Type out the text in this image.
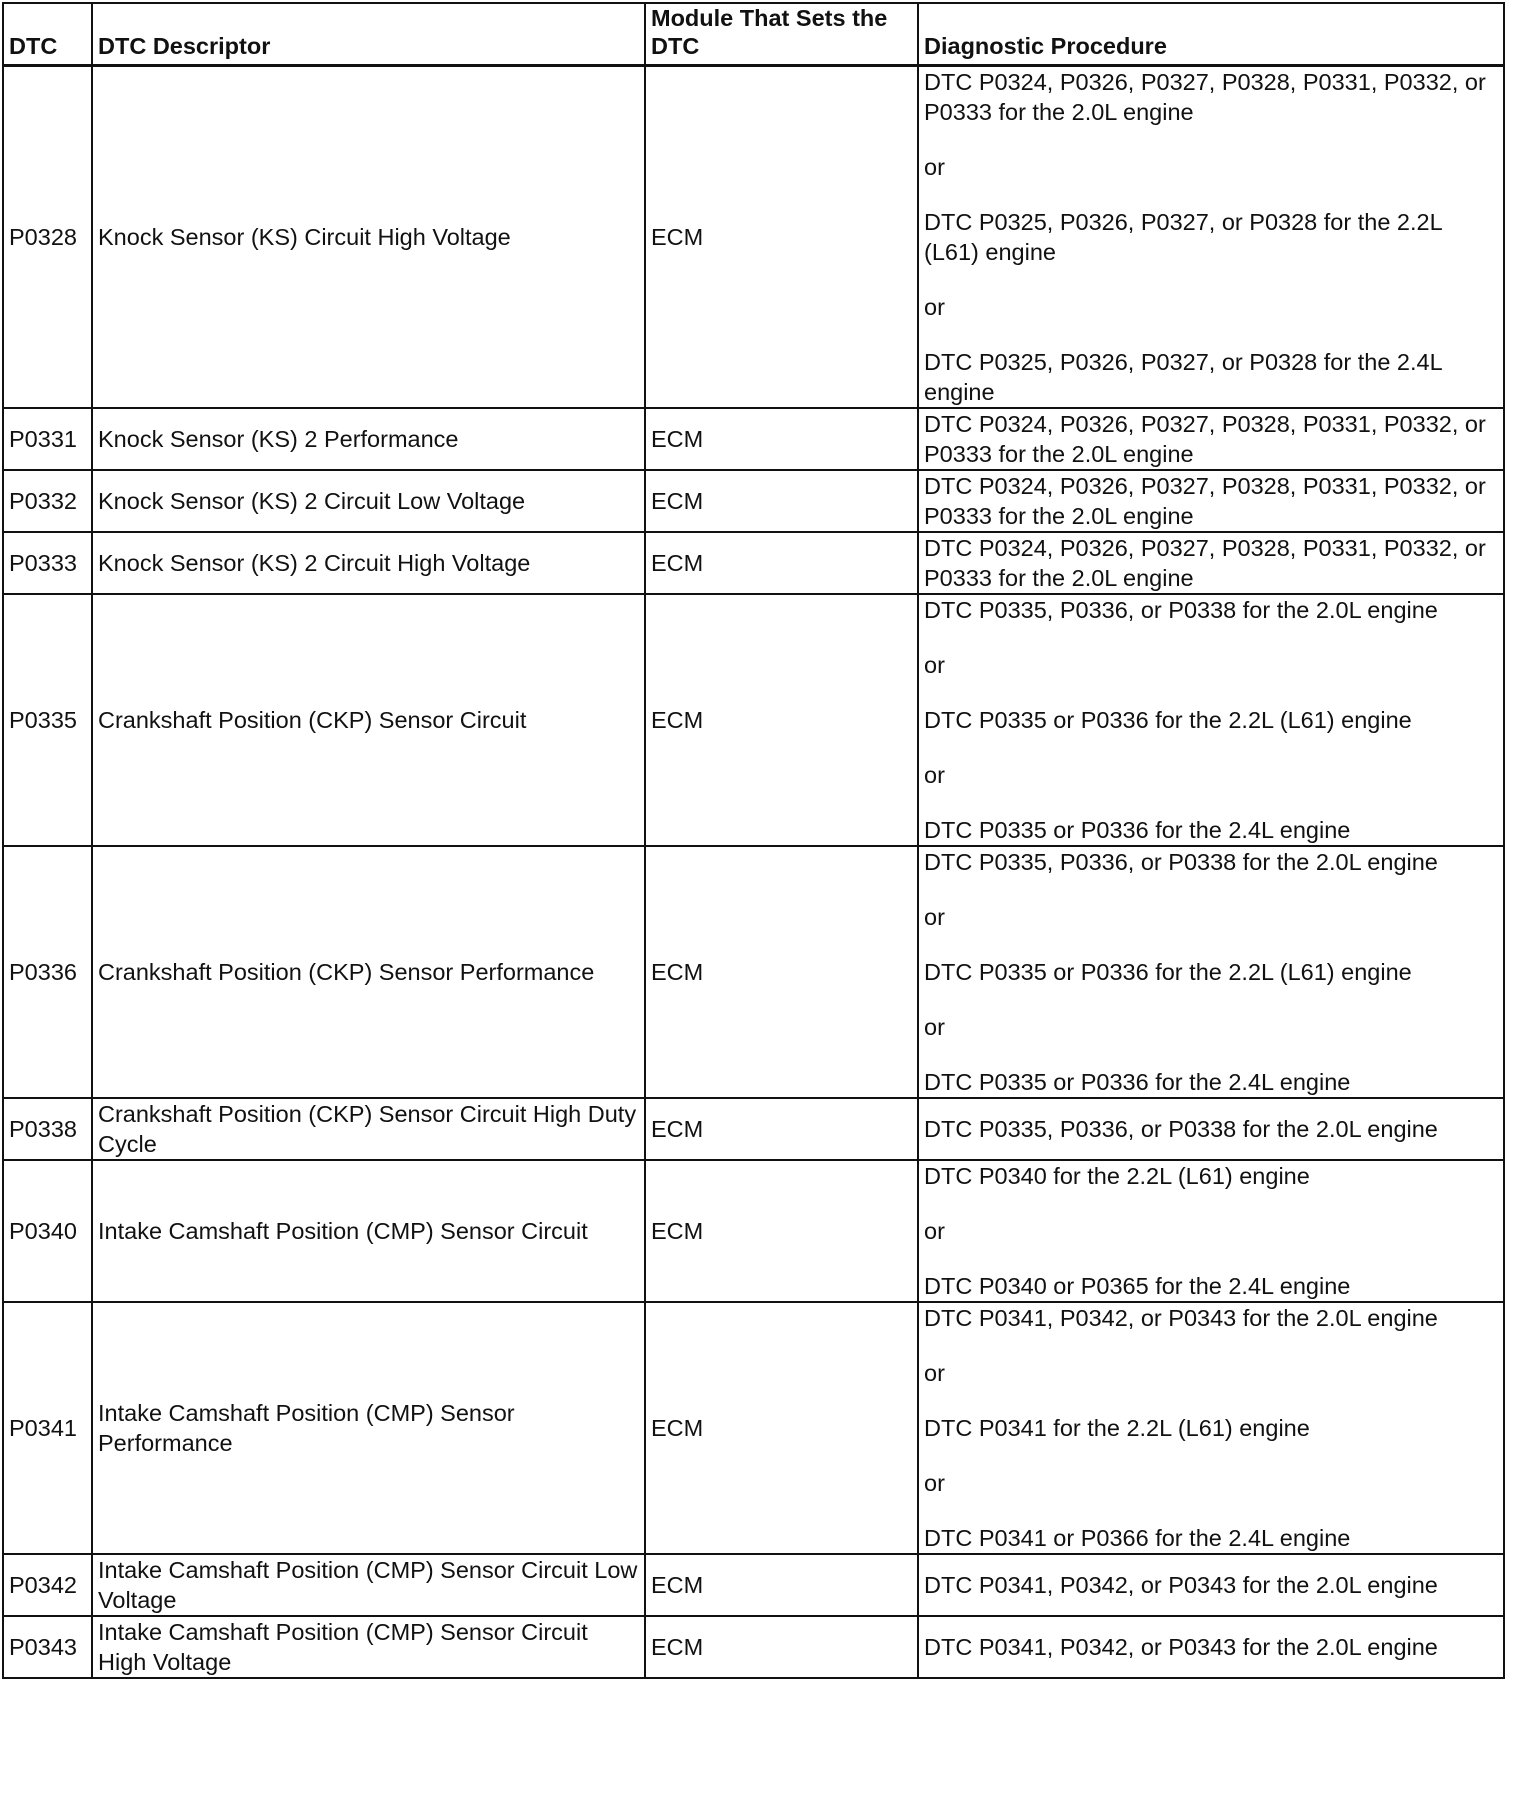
DTC	DTC Descriptor	Module That Sets the DTC	Diagnostic Procedure
P0328	Knock Sensor (KS) Circuit High Voltage	ECM	DTC P0324, P0326, P0327, P0328, P0331, P0332, or P0333 for the 2.0L engine
or
DTC P0325, P0326, P0327, or P0328 for the 2.2L (L61) engine
or
DTC P0325, P0326, P0327, or P0328 for the 2.4L engine

P0331	Knock Sensor (KS) 2 Performance	ECM	DTC P0324, P0326, P0327, P0328, P0331, P0332, or P0333 for the 2.0L engine

P0332	Knock Sensor (KS) 2 Circuit Low Voltage	ECM	DTC P0324, P0326, P0327, P0328, P0331, P0332, or P0333 for the 2.0L engine

P0333	Knock Sensor (KS) 2 Circuit High Voltage	ECM	DTC P0324, P0326, P0327, P0328, P0331, P0332, or P0333 for the 2.0L engine

P0335	Crankshaft Position (CKP) Sensor Circuit	ECM	DTC P0335, P0336, or P0338 for the 2.0L engine
or
DTC P0335 or P0336 for the 2.2L (L61) engine
or
DTC P0335 or P0336 for the 2.4L engine

P0336	Crankshaft Position (CKP) Sensor Performance	ECM	DTC P0335, P0336, or P0338 for the 2.0L engine
or
DTC P0335 or P0336 for the 2.2L (L61) engine
or
DTC P0335 or P0336 for the 2.4L engine

P0338	Crankshaft Position (CKP) Sensor Circuit High Duty Cycle	ECM	DTC P0335, P0336, or P0338 for the 2.0L engine

P0340	Intake Camshaft Position (CMP) Sensor Circuit	ECM	DTC P0340 for the 2.2L (L61) engine
or
DTC P0340 or P0365 for the 2.4L engine

P0341	Intake Camshaft Position (CMP) Sensor Performance	ECM	DTC P0341, P0342, or P0343 for the 2.0L engine
or
DTC P0341 for the 2.2L (L61) engine
or
DTC P0341 or P0366 for the 2.4L engine

P0342	Intake Camshaft Position (CMP) Sensor Circuit Low Voltage	ECM	DTC P0341, P0342, or P0343 for the 2.0L engine

P0343	Intake Camshaft Position (CMP) Sensor Circuit High Voltage	ECM	DTC P0341, P0342, or P0343 for the 2.0L engine
